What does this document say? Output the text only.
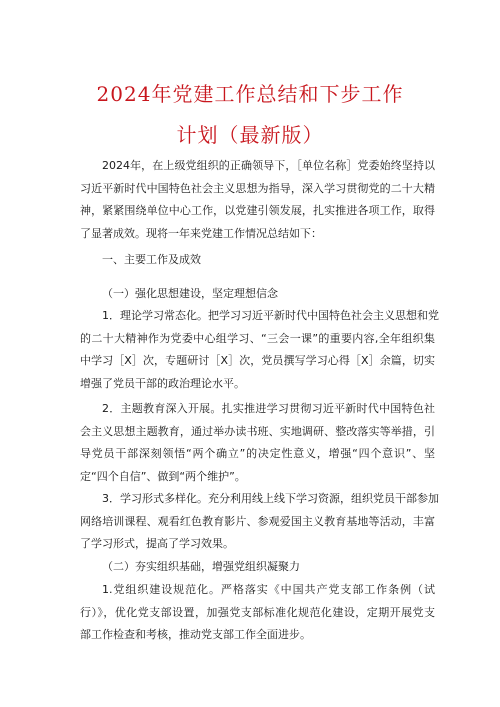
2024年党建工作总结和下步工作
计划（最新版）
2024年，在上级党组织的正确领导下，［单位名称］党委始终坚持以
习近平新时代中国特色社会主义思想为指导，深入学习贯彻党的二十大精
神，紧紧围绕单位中心工作，以党建引领发展，扎实推进各项工作，取得
了显著成效。现将一年来党建工作情况总结如下：
一、主要工作及成效
（一）强化思想建设，坚定理想信念
1．理论学习常态化。把学习习近平新时代中国特色社会主义思想和党
的二十大精神作为党委中心组学习、“三会一课”的重要内容,全年组织集
中学习［X］次，专题研讨［X］次，党员撰写学习心得［X］余篇，切实
增强了党员干部的政治理论水平。
2．主题教育深入开展。扎实推进学习贯彻习近平新时代中国特色社
会主义思想主题教育，通过举办读书班、实地调研、整改落实等举措，引
导党员干部深刻领悟“两个确立”的决定性意义，增强“四个意识”、坚
定“四个自信”、做到“两个维护”。
3．学习形式多样化。充分利用线上线下学习资源，组织党员干部参加
网络培训课程、观看红色教育影片、参观爱国主义教育基地等活动，丰富
了学习形式，提高了学习效果。
（二）夯实组织基础，增强党组织凝聚力
1.党组织建设规范化。严格落实《中国共产党支部工作条例（试
行）》，优化党支部设置，加强党支部标准化规范化建设，定期开展党支
部工作检查和考核，推动党支部工作全面进步。
